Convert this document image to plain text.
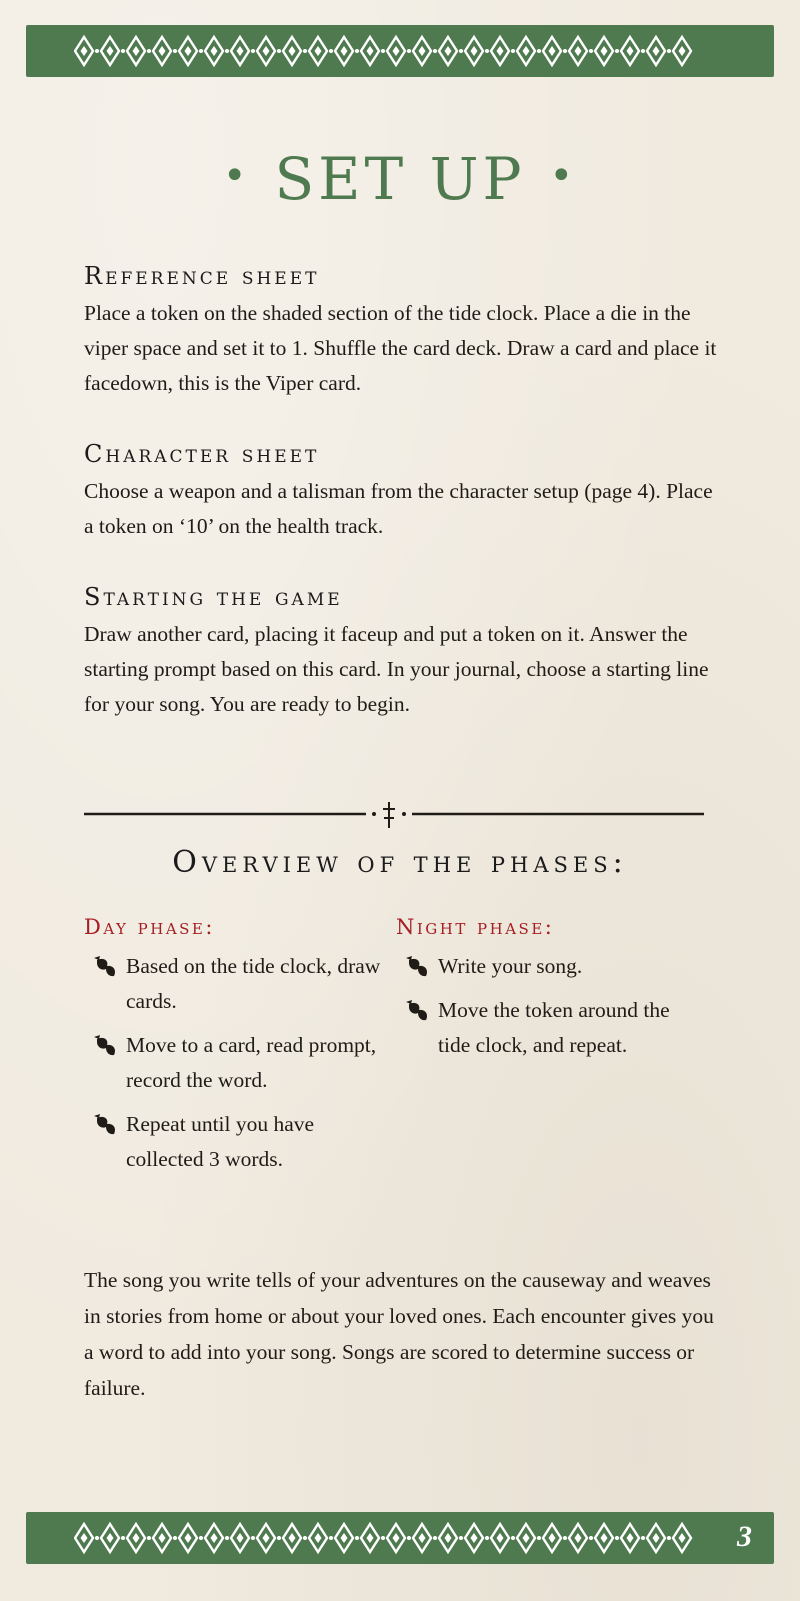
• SET UP •
Reference sheet

Place a token on the shaded section of the tide clock. Place a die in the viper space and set it to 1. Shuffle the card deck. Draw a card and place it facedown, this is the Viper card.

Character sheet

Choose a weapon and a talisman from the character setup (page 4). Place a token on ‘10’ on the health track.

Starting the game

Draw another card, placing it faceup and put a token on it. Answer the starting prompt based on this card. In your journal, choose a starting line for your song. You are ready to begin.

Overview of the phases:
Day phase:
Based on the tide clock, draw cards.
Move to a card, read prompt, record the word.
Repeat until you have collected 3 words.
Night phase:
Write your song.
Move the token around the tide clock, and repeat.

The song you write tells of your adventures on the causeway and weaves in stories from home or about your loved ones. Each encounter gives you a word to add into your song. Songs are scored to determine success or failure.

3
